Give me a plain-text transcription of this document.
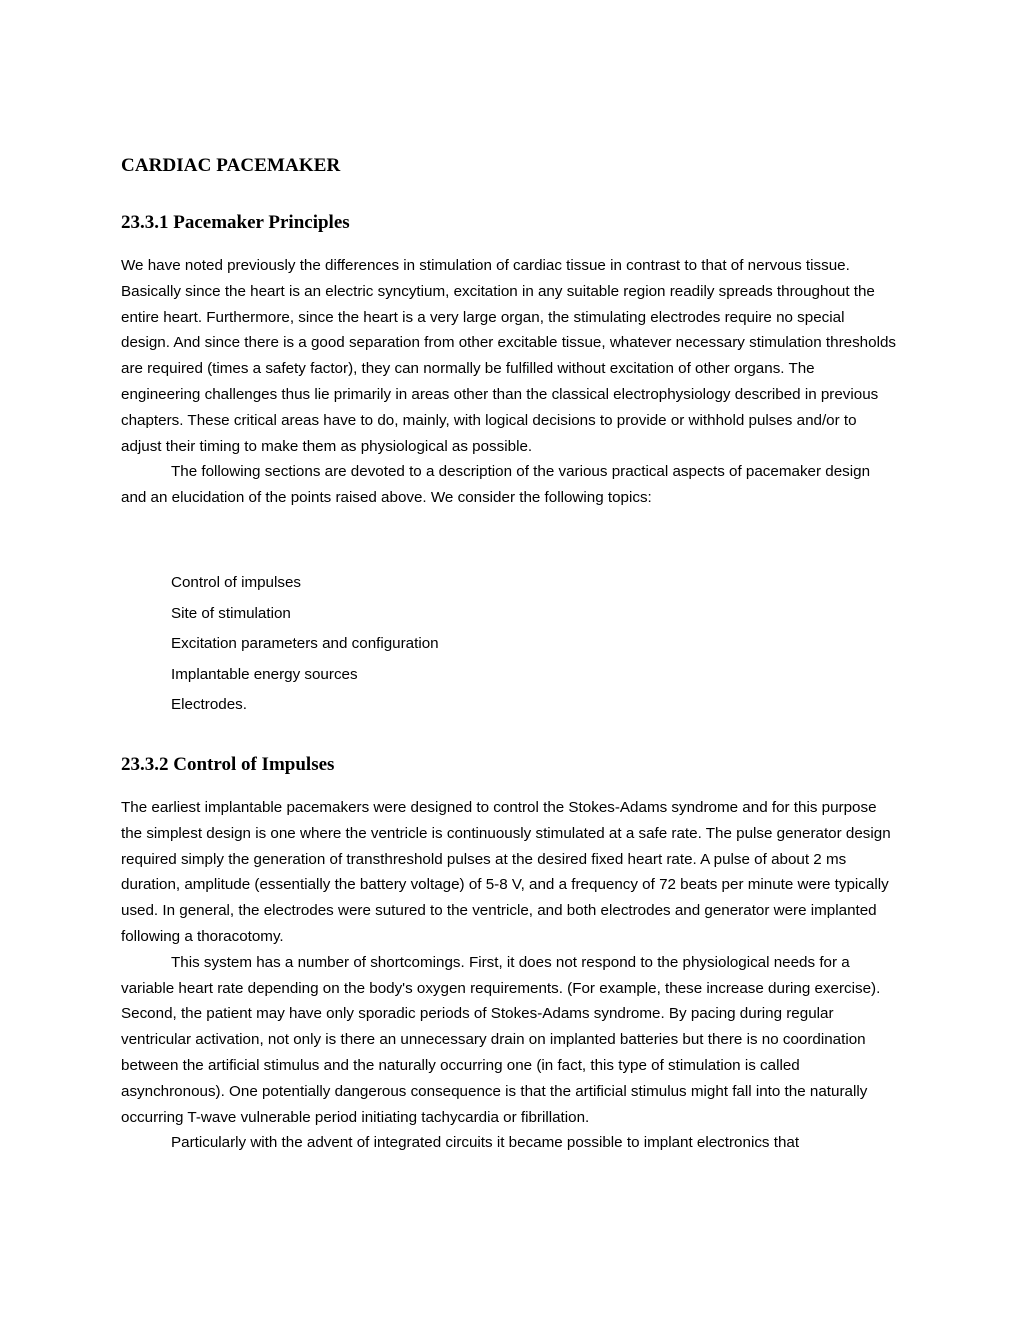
CARDIAC PACEMAKER
23.3.1 Pacemaker Principles

We have noted previously the differences in stimulation of cardiac tissue in contrast to that of nervous tissue. Basically since the heart is an electric syncytium, excitation in any suitable region readily spreads throughout the entire heart. Furthermore, since the heart is a very large organ, the stimulating electrodes require no special design. And since there is a good separation from other excitable tissue, whatever necessary stimulation thresholds are required (times a safety factor), they can normally be fulfilled without excitation of other organs. The engineering challenges thus lie primarily in areas other than the classical electrophysiology described in previous chapters. These critical areas have to do, mainly, with logical decisions to provide or withhold pulses and/or to adjust their timing to make them as physiological as possible.

The following sections are devoted to a description of the various practical aspects of pacemaker design and an elucidation of the points raised above. We consider the following topics:

Control of impulses
Site of stimulation
Excitation parameters and configuration
Implantable energy sources
Electrodes.
23.3.2 Control of Impulses

The earliest implantable pacemakers were designed to control the Stokes-Adams syndrome and for this purpose the simplest design is one where the ventricle is continuously stimulated at a safe rate. The pulse generator design required simply the generation of transthreshold pulses at the desired fixed heart rate. A pulse of about 2 ms duration, amplitude (essentially the battery voltage) of 5-8 V, and a frequency of 72 beats per minute were typically used. In general, the electrodes were sutured to the ventricle, and both electrodes and generator were implanted following a thoracotomy.

This system has a number of shortcomings. First, it does not respond to the physiological needs for a variable heart rate depending on the body's oxygen requirements. (For example, these increase during exercise). Second, the patient may have only sporadic periods of Stokes-Adams syndrome. By pacing during regular ventricular activation, not only is there an unnecessary drain on implanted batteries but there is no coordination between the artificial stimulus and the naturally occurring one (in fact, this type of stimulation is called asynchronous). One potentially dangerous consequence is that the artificial stimulus might fall into the naturally occurring T-wave vulnerable period initiating tachycardia or fibrillation.

Particularly with the advent of integrated circuits it became possible to implant electronics that
